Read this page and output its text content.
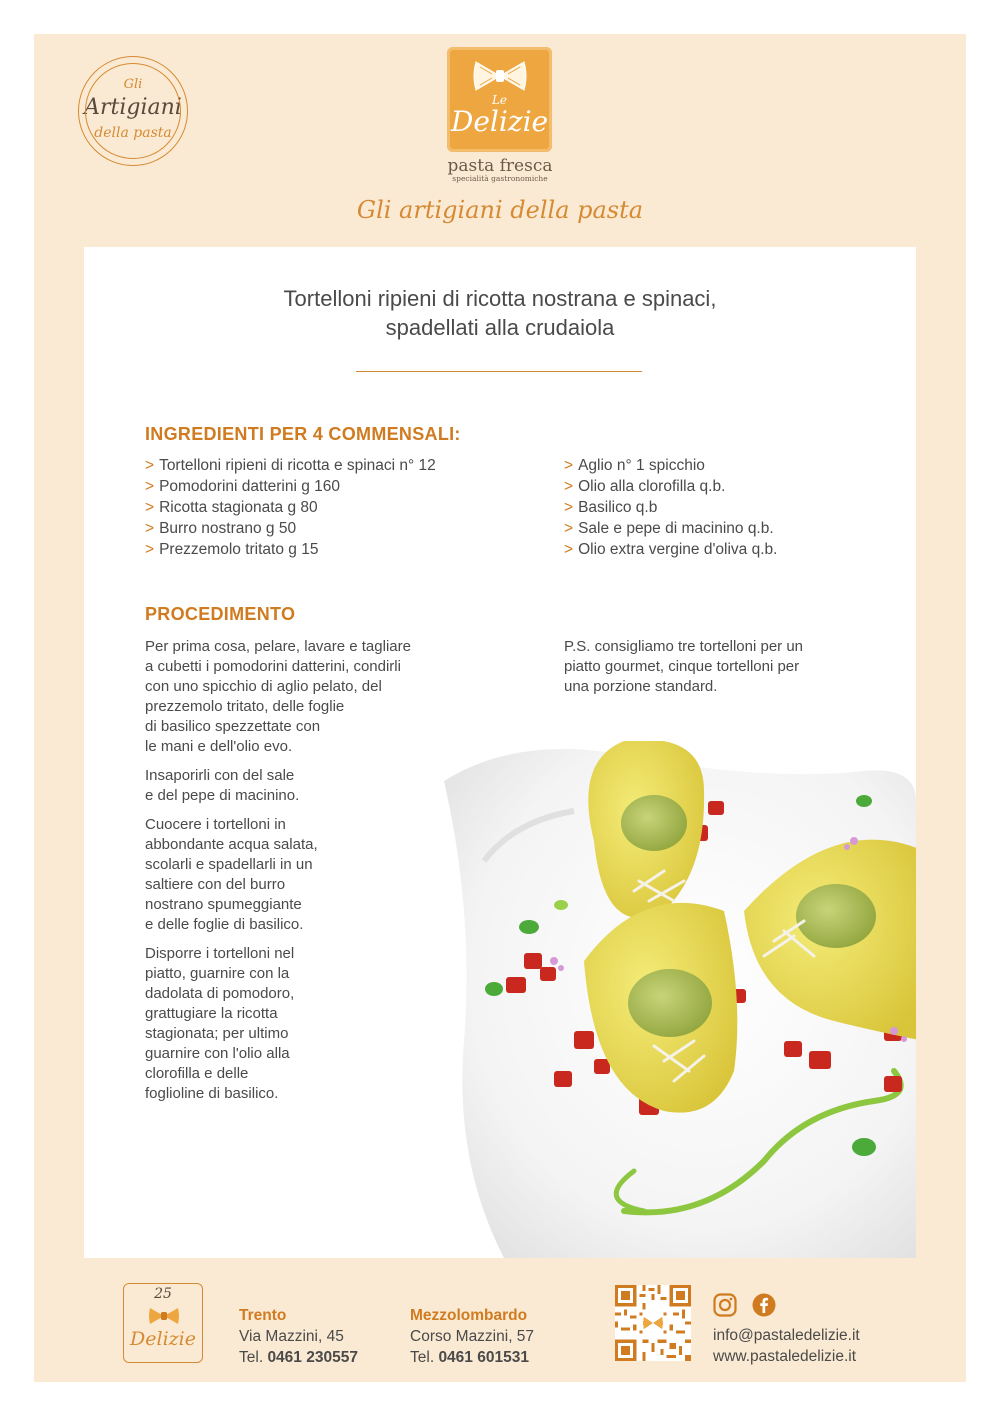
Gli
Artigiani
della pasta
Le
Delizie
pasta fresca
specialità gastronomiche
Gli artigiani della pasta
Tortelloni ripieni di ricotta nostrana e spinaci,
spadellati alla crudaiola
INGREDIENTI PER 4 COMMENSALI:
> Tortelloni ripieni di ricotta e spinaci n° 12
> Pomodorini datterini g 160
> Ricotta stagionata g 80
> Burro nostrano g 50
> Prezzemolo tritato g 15
> Aglio n° 1 spicchio
> Olio alla clorofilla q.b.
> Basilico q.b
> Sale e pepe di macinino q.b.
> Olio extra vergine d'oliva q.b.
PROCEDIMENTO

Per prima cosa, pelare, lavare e tagliare
a cubetti i pomodorini datterini, condirli
con uno spicchio di aglio pelato, del
prezzemolo tritato, delle foglie
di basilico spezzettate con
le mani e dell'olio evo.

Insaporirli con del sale
e del pepe di macinino.

Cuocere i tortelloni in
abbondante acqua salata,
scolarli e spadellarli in un
saltiere con del burro
nostrano spumeggiante
e delle foglie di basilico.

Disporre i tortelloni nel
piatto, guarnire con la
dadolata di pomodoro,
grattugiare la ricotta
stagionata; per ultimo
guarnire con l'olio alla
clorofilla e delle
foglioline di basilico.

P.S. consigliamo tre tortelloni per un
piatto gourmet, cinque tortelloni per
una porzione standard.

25
Delizie
Trento
Via Mazzini, 45
Tel. 0461 230557
Mezzolombardo
Corso Mazzini, 57
Tel. 0461 601531
info@pastaledelizie.it
www.pastaledelizie.it
